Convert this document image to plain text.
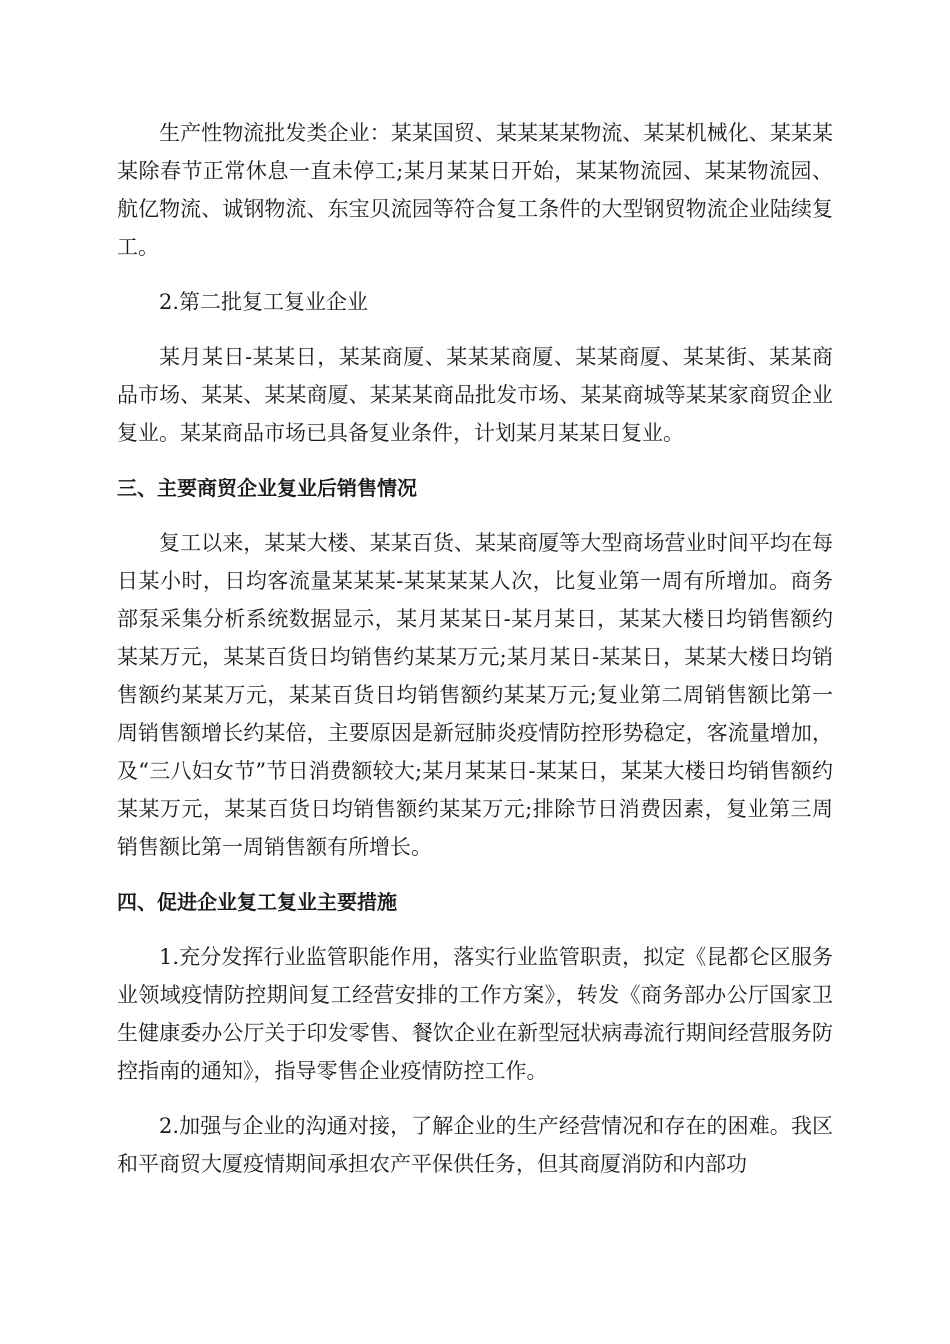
生产性物流批发类企业：某某国贸、某某某某物流、某某机械化、某某某某除春节正常休息一直未停工;某月某某日开始，某某物流园、某某物流园、航亿物流、诚钢物流、东宝贝流园等符合复工条件的大型钢贸物流企业陆续复工。

2.第二批复工复业企业

某月某日-某某日，某某商厦、某某某商厦、某某商厦、某某街、某某商品市场、某某、某某商厦、某某某商品批发市场、某某商城等某某家商贸企业复业。某某商品市场已具备复业条件，计划某月某某日复业。

三、主要商贸企业复业后销售情况

复工以来，某某大楼、某某百货、某某商厦等大型商场营业时间平均在每日某小时，日均客流量某某某-某某某某人次，比复业第一周有所增加。商务部泵采集分析系统数据显示，某月某某日-某月某日，某某大楼日均销售额约某某万元，某某百货日均销售约某某万元;某月某日-某某日，某某大楼日均销售额约某某万元，某某百货日均销售额约某某万元;复业第二周销售额比第一周销售额增长约某倍，主要原因是新冠肺炎疫情防控形势稳定，客流量增加，及“三八妇女节”节日消费额较大;某月某某日-某某日，某某大楼日均销售额约某某万元，某某百货日均销售额约某某万元;排除节日消费因素，复业第三周销售额比第一周销售额有所增长。

四、促进企业复工复业主要措施

1.充分发挥行业监管职能作用，落实行业监管职责，拟定《昆都仑区服务业领域疫情防控期间复工经营安排的工作方案》，转发《商务部办公厅国家卫生健康委办公厅关于印发零售、餐饮企业在新型冠状病毒流行期间经营服务防控指南的通知》，指导零售企业疫情防控工作。

2.加强与企业的沟通对接，了解企业的生产经营情况和存在的困难。我区和平商贸大厦疫情期间承担农产平保供任务，但其商厦消防和内部功
